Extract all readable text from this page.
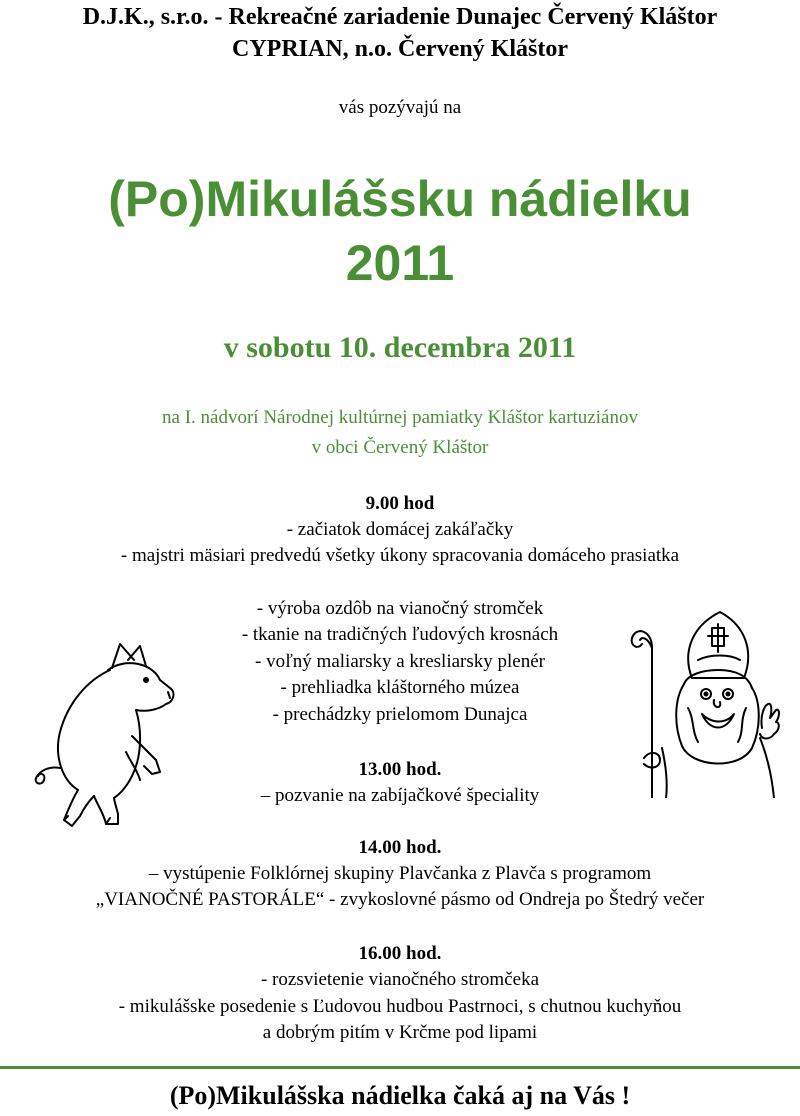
D.J.K., s.r.o. - Rekreačné zariadenie Dunajec Červený Kláštor
CYPRIAN, n.o. Červený Kláštor
vás pozývajú na
(Po)Mikulášsku nádielku
2011
v sobotu 10. decembra 2011
na I. nádvorí Národnej kultúrnej pamiatky Kláštor kartuziánov
v obci Červený Kláštor
9.00 hod
- začiatok domácej zakáľačky
- majstri mäsiari predvedú všetky úkony spracovania domáceho prasiatka
- výroba ozdôb na vianočný stromček
- tkanie na tradičných ľudových krosnách
- voľný maliarsky a kresliarsky plenér
- prehliadka kláštorného múzea
- prechádzky prielomom Dunajca
13.00 hod.
– pozvanie na zabíjačkové špeciality
14.00 hod.
– vystúpenie Folklórnej skupiny Plavčanka z Plavča s programom
„VIANOČNÉ PASTORÁLE“ - zvykoslovné pásmo od Ondreja po Štedrý večer
16.00 hod.
- rozsvietenie vianočného stromčeka
- mikulášske posedenie s Ľudovou hudbou Pastrnoci, s chutnou kuchyňou
a dobrým pitím v Krčme pod lipami
(Po)Mikulášska nádielka čaká aj na Vás !
